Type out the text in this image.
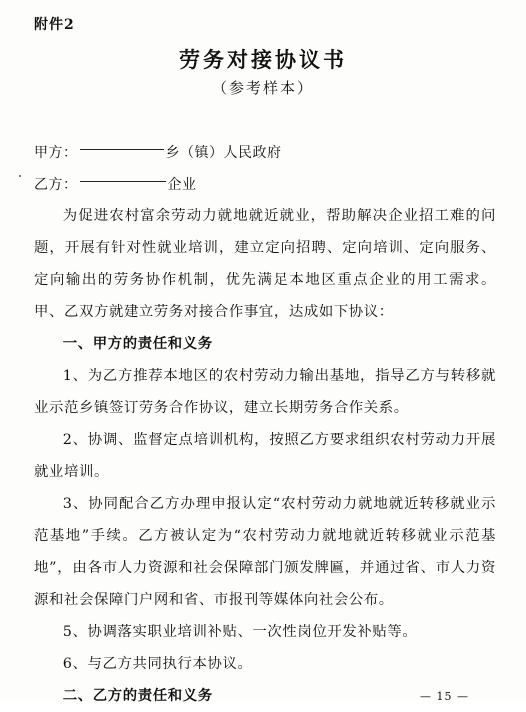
附件2
劳务对接协议书
（参考样本）
甲方：	乡（镇）人民政府
乙方：	企业

为促进农村富余劳动力就地就近就业，帮助解决企业招工难的问题，开展有针对性就业培训，建立定向招聘、定向培训、定向服务、定向输出的劳务协作机制，优先满足本地区重点企业的用工需求。甲、乙双方就建立劳务对接合作事宜，达成如下协议：

一、甲方的责任和义务

1、为乙方推荐本地区的农村劳动力输出基地，指导乙方与转移就业示范乡镇签订劳务合作协议，建立长期劳务合作关系。

2、协调、监督定点培训机构，按照乙方要求组织农村劳动力开展就业培训。

3、协同配合乙方办理申报认定“农村劳动力就地就近转移就业示范基地”手续。乙方被认定为“农村劳动力就地就近转移就业示范基地”，由各市人力资源和社会保障部门颁发牌匾，并通过省、市人力资源和社会保障门户网和省、市报刊等媒体向社会公布。

5、协调落实职业培训补贴、一次性岗位开发补贴等。

6、与乙方共同执行本协议。

二、乙方的责任和义务	— 15 —
